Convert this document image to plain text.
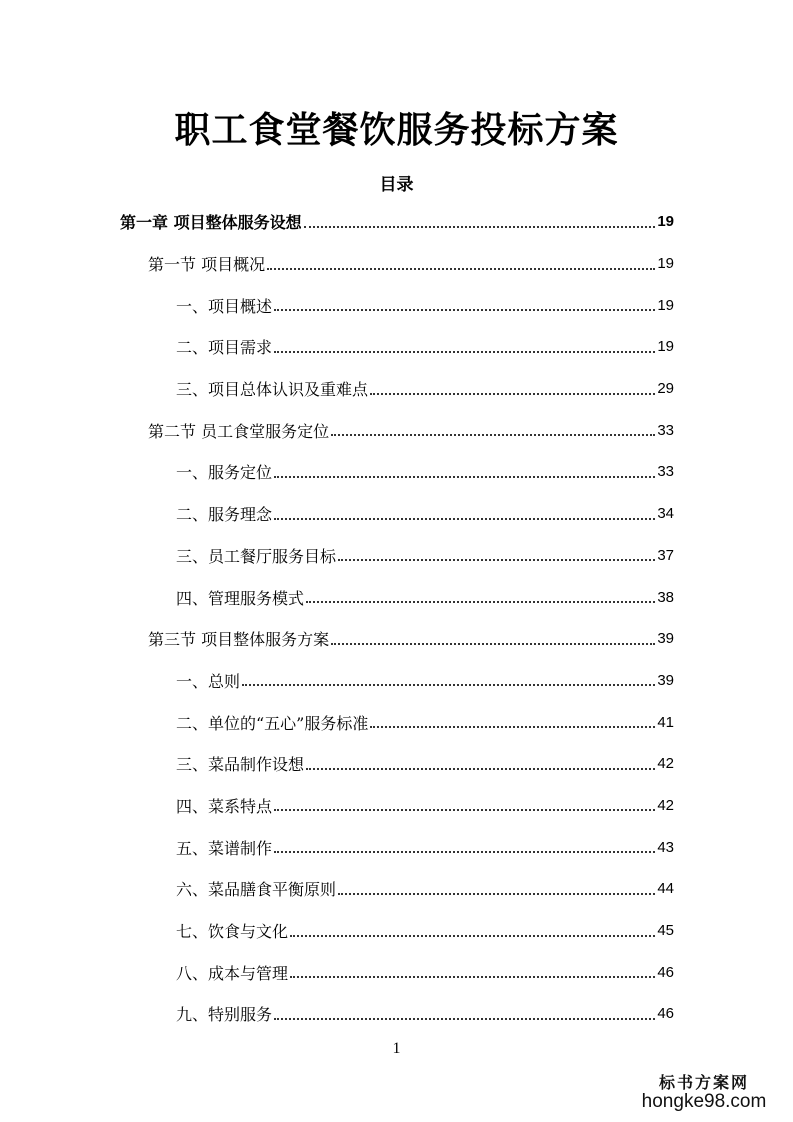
职工食堂餐饮服务投标方案
目录
第一章 项目整体服务设想	19
第一节 项目概况	19
一、项目概述	19
二、项目需求	19
三、项目总体认识及重难点	29
第二节 员工食堂服务定位	33
一、服务定位	33
二、服务理念	34
三、员工餐厅服务目标	37
四、管理服务模式	38
第三节 项目整体服务方案	39
一、总则	39
二、单位的“五心”服务标准	41
三、菜品制作设想	42
四、菜系特点	42
五、菜谱制作	43
六、菜品膳食平衡原则	44
七、饮食与文化	45
八、成本与管理	46
九、特别服务	46
1
标书方案网
hongke98.com
